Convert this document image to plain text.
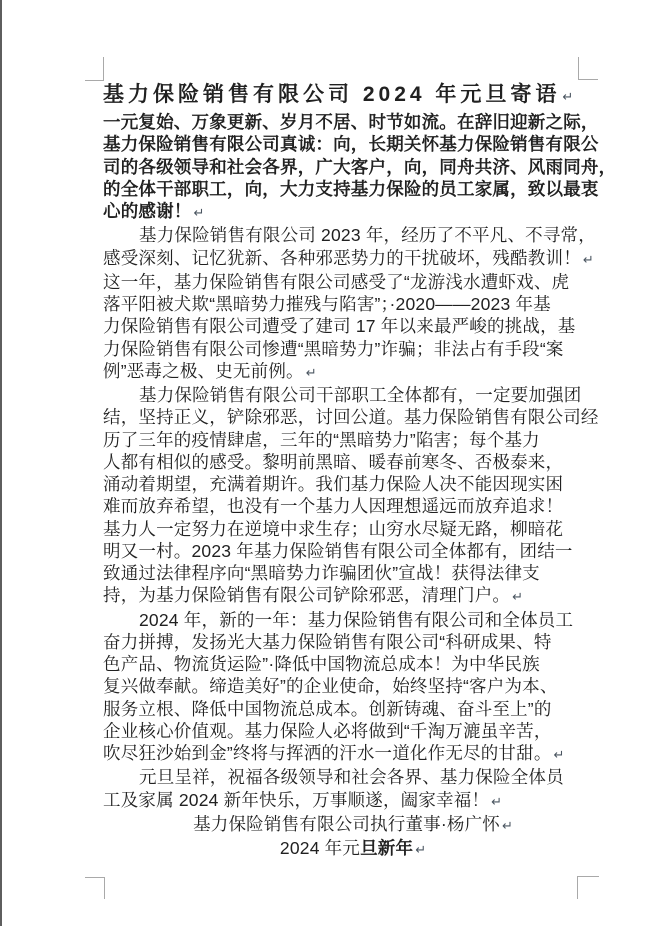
基力保险销售有限公司 2024 年元旦寄语 ↵
一元复始、万象更新、岁月不居、时节如流。在辞旧迎新之际，
基力保险销售有限公司真诚：向，长期关怀基力保险销售有限公
司的各级领导和社会各界，广大客户，向，同舟共济、风雨同舟，
的全体干部职工，向，大力支持基力保险的员工家属，致以最衷
心的感谢！ ↵
基力保险销售有限公司 2023 年，经历了不平凡、不寻常，
感受深刻、记忆犹新、各种邪恶势力的干扰破坏，残酷教训！ ↵
这一年，基力保险销售有限公司感受了“龙游浅水遭虾戏、虎
落平阳被犬欺“黑暗势力摧残与陷害”；·2020——2023 年基
力保险销售有限公司遭受了建司 17 年以来最严峻的挑战，基
力保险销售有限公司惨遭“黑暗势力”诈骗；非法占有手段“案
例”恶毒之极、史无前例。 ↵
基力保险销售有限公司干部职工全体都有，一定要加强团
结，坚持正义，铲除邪恶，讨回公道。基力保险销售有限公司经
历了三年的疫情肆虐，三年的“黑暗势力”陷害；每个基力
人都有相似的感受。黎明前黑暗、暖春前寒冬、否极泰来，
涌动着期望，充满着期许。我们基力保险人决不能因现实困
难而放弃希望，也没有一个基力人因理想遥远而放弃追求！
基力人一定努力在逆境中求生存；山穷水尽疑无路，柳暗花
明又一村。2023 年基力保险销售有限公司全体都有，团结一
致通过法律程序向“黑暗势力诈骗团伙”宣战！获得法律支
持，为基力保险销售有限公司铲除邪恶，清理门户。 ↵
2024 年，新的一年：基力保险销售有限公司和全体员工
奋力拼搏，发扬光大基力保险销售有限公司“科研成果、特
色产品、物流货运险”·降低中国物流总成本！为中华民族
复兴做奉献。缔造美好”的企业使命，始终坚持“客户为本、
服务立根、降低中国物流总成本。创新铸魂、奋斗至上”的
企业核心价值观。基力保险人必将做到“千淘万漉虽辛苦，
吹尽狂沙始到金”终将与挥洒的汗水一道化作无尽的甘甜。 ↵
元旦呈祥，祝福各级领导和社会各界、基力保险全体员
工及家属 2024 新年快乐，万事顺遂，阖家幸福！ ↵
基力保险销售有限公司执行董事·杨广怀 ↵
2024 年元旦新年 ↵
